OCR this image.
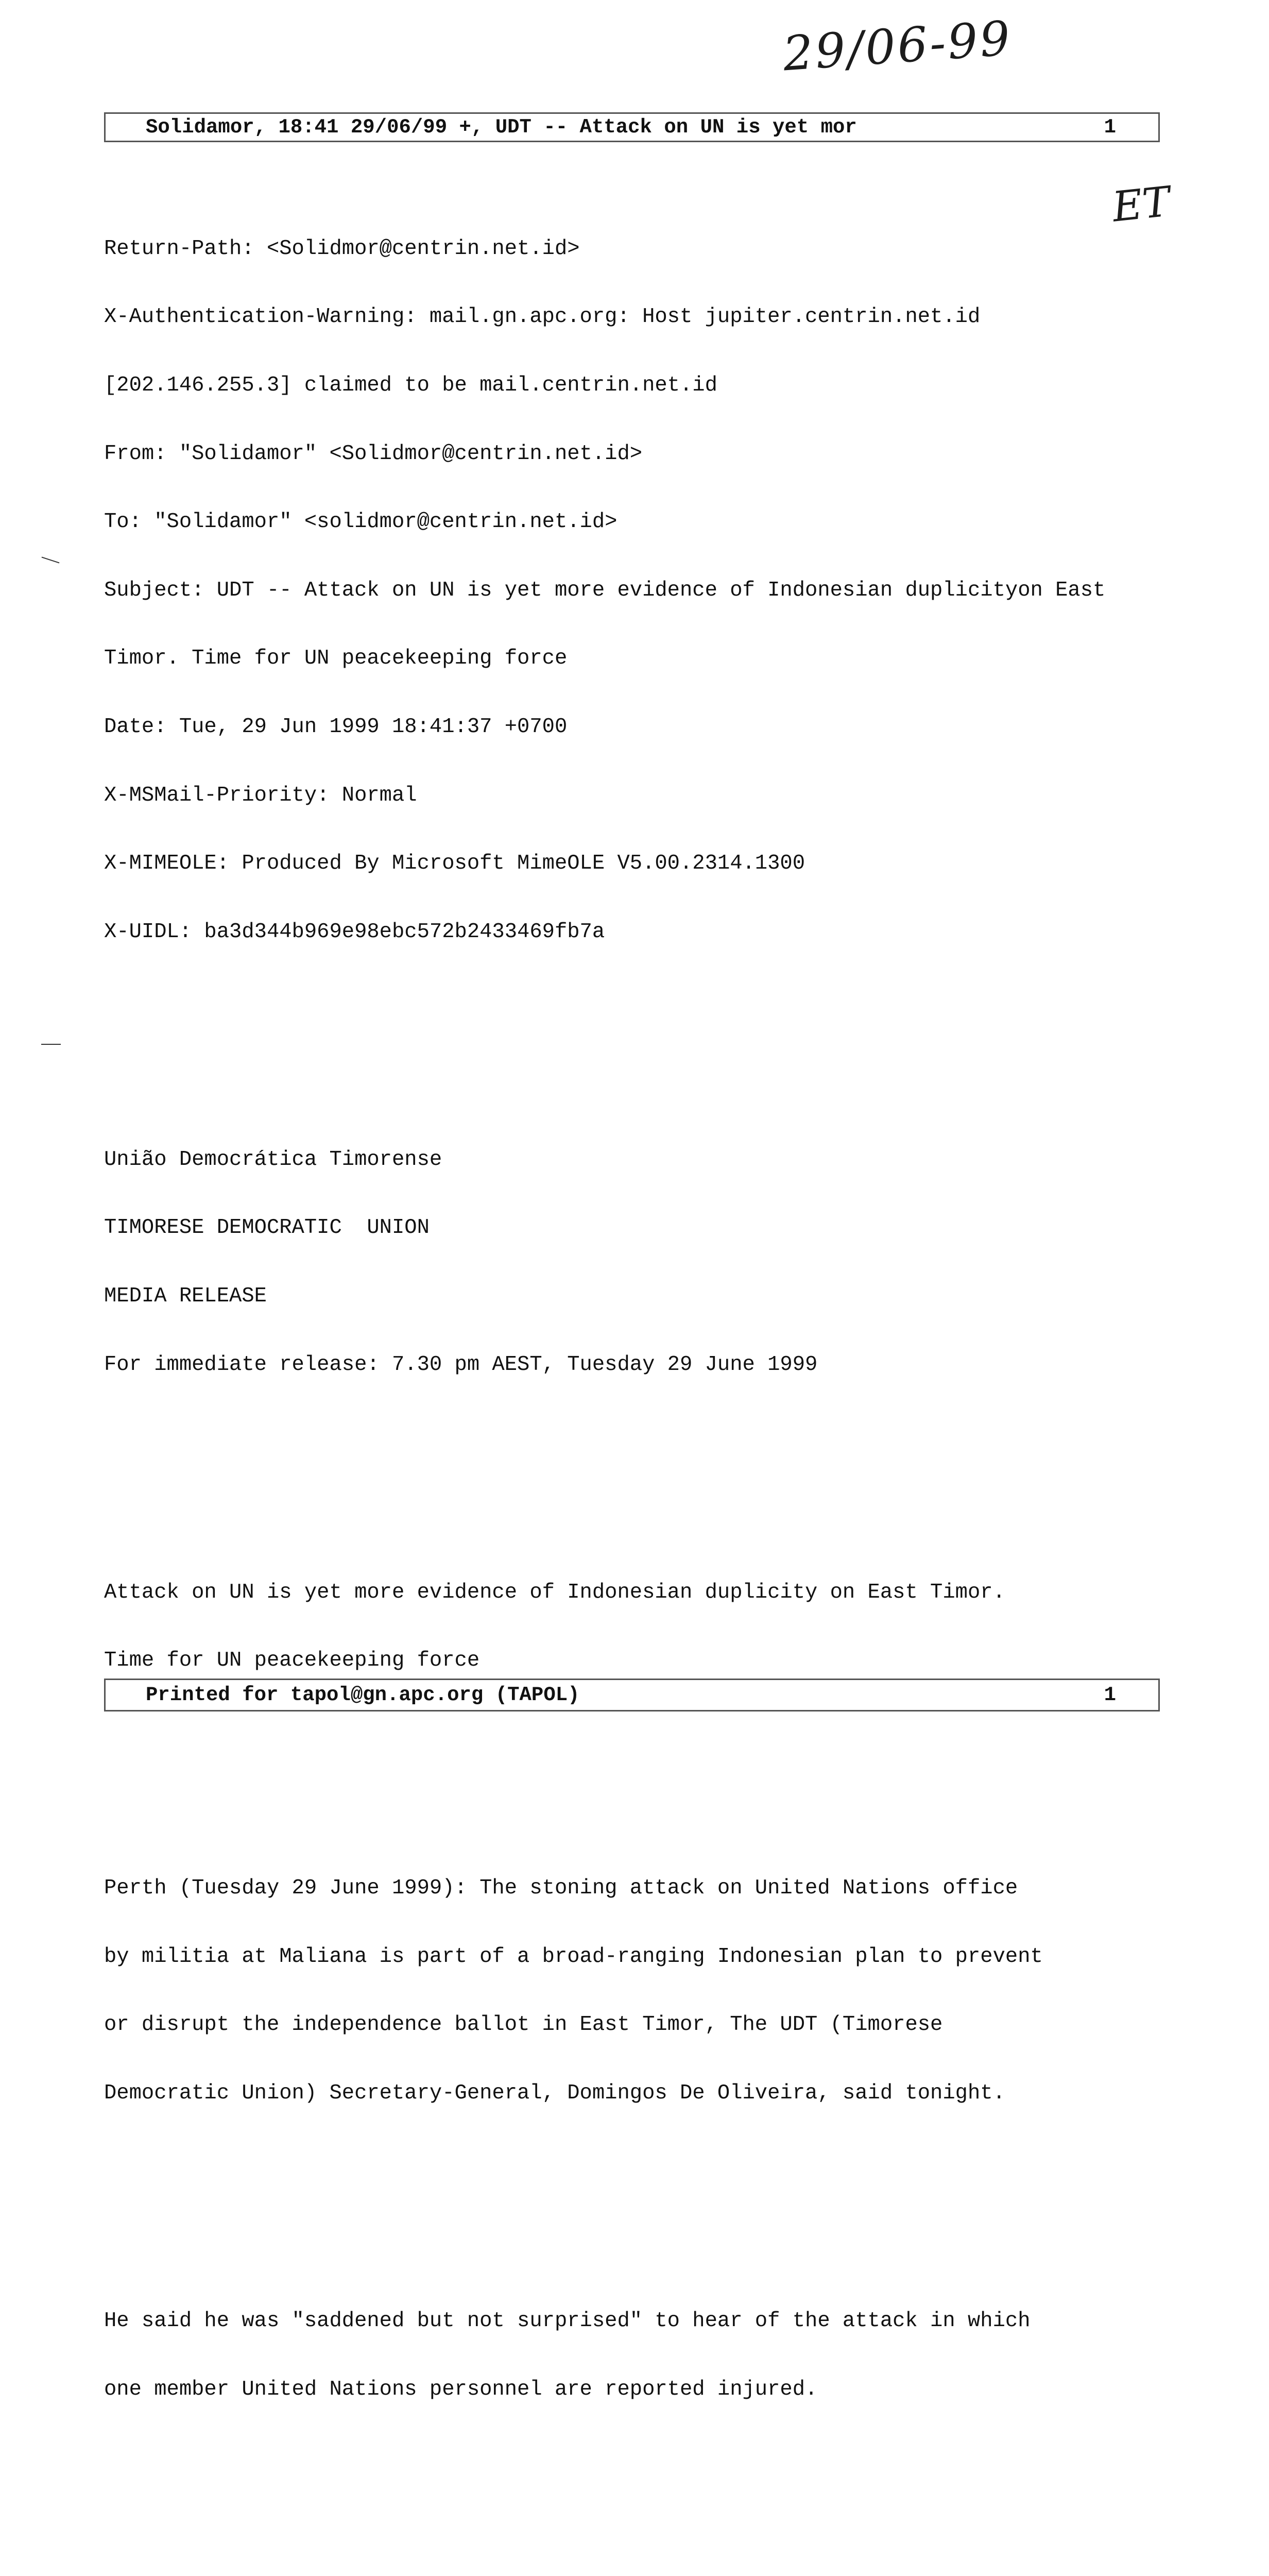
29/06-99
ET
Solidamor, 18:41 29/06/99 +, UDT -- Attack on UN is yet mor	1

Return-Path: <Solidmor@centrin.net.id>

X-Authentication-Warning: mail.gn.apc.org: Host jupiter.centrin.net.id

[202.146.255.3] claimed to be mail.centrin.net.id

From: "Solidamor" <Solidmor@centrin.net.id>

To: "Solidamor" <solidmor@centrin.net.id>

Subject: UDT -- Attack on UN is yet more evidence of Indonesian duplicityon East

Timor. Time for UN peacekeeping force

Date: Tue, 29 Jun 1999 18:41:37 +0700

X-MSMail-Priority: Normal

X-MIMEOLE: Produced By Microsoft MimeOLE V5.00.2314.1300

X-UIDL: ba3d344b969e98ebc572b2433469fb7a

União Democrática Timorense

TIMORESE DEMOCRATIC  UNION

MEDIA RELEASE

For immediate release: 7.30 pm AEST, Tuesday 29 June 1999

Attack on UN is yet more evidence of Indonesian duplicity on East Timor.

Time for UN peacekeeping force

Perth (Tuesday 29 June 1999): The stoning attack on United Nations office

by militia at Maliana is part of a broad-ranging Indonesian plan to prevent

or disrupt the independence ballot in East Timor, The UDT (Timorese

Democratic Union) Secretary-General, Domingos De Oliveira, said tonight.

He said he was "saddened but not surprised" to hear of the attack in which

one member United Nations personnel are reported injured.

Printed for tapol@gn.apc.org (TAPOL)	1
